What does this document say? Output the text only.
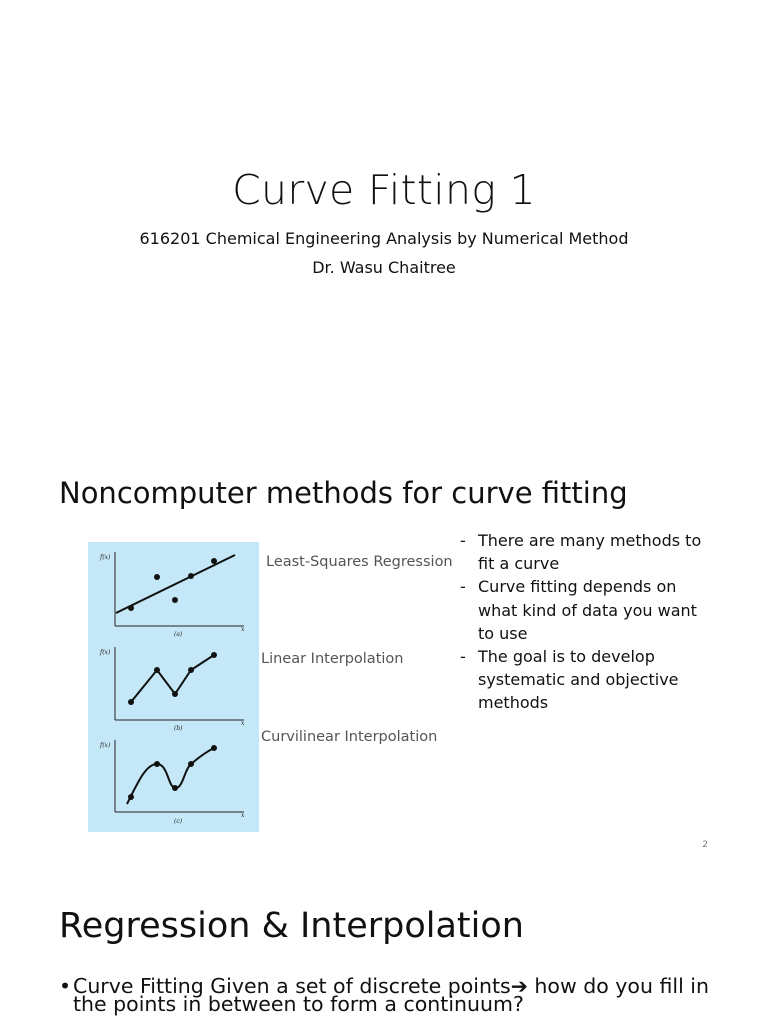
Curve Fitting 1
616201 Chemical Engineering Analysis by Numerical Method
Dr. Wasu Chaitree
Noncomputer methods for curve fitting
f(x)
x
(a)
f(x)
x
(b)
f(x)
x
(c)
Least-Squares Regression
Linear Interpolation
Curvilinear Interpolation
- There are many methods to fit a curve
- Curve fitting depends on what kind of data you want to use
- The goal is to develop systematic and objective methods
2
Regression & Interpolation
• Curve Fitting Given a set of discrete points➔ how do you fill in the points in between to form a continuum?
